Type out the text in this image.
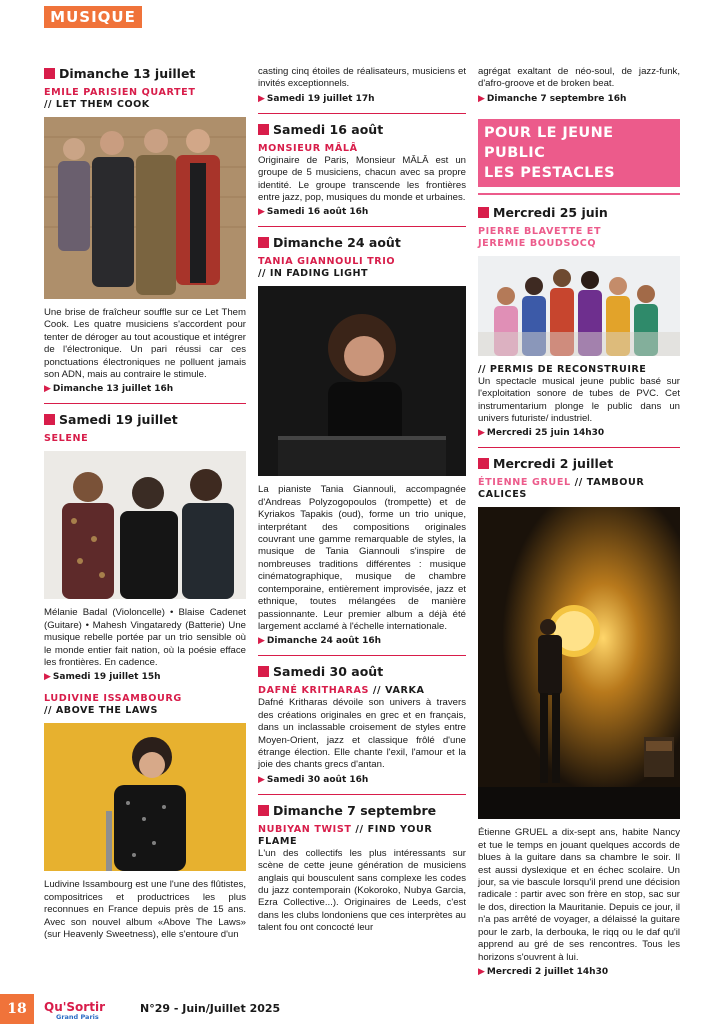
MUSIQUE
Dimanche 13 juillet
EMILE PARISIEN QUARTET
// LET THEM COOK
Une brise de fraîcheur souffle sur ce Let Them Cook. Les quatre musiciens s'accordent pour tenter de déroger au tout acoustique et intégrer de l'électronique. Un pari réussi car ces ponctuations électroniques ne polluent jamais son ADN, mais au contraire le stimule.
▶ Dimanche 13 juillet 16h
Samedi 19 juillet
SELENE
Mélanie Badal (Violoncelle) • Blaise Cadenet (Guitare) • Mahesh Vingataredy (Batterie) Une musique rebelle portée par un trio sensible où le monde entier fait nation, où la poésie efface les frontières. En cadence.
▶ Samedi 19 juillet 15h
LUDIVINE ISSAMBOURG
// ABOVE THE LAWS
Ludivine Issambourg est une l'une des flûtistes, compositrices et productrices les plus reconnues en France depuis près de 15 ans. Avec son nouvel album «Above The Laws» (sur Heavenly Sweetness), elle s'entoure d'un
casting cinq étoiles de réalisateurs, musiciens et invités exceptionnels.
▶ Samedi 19 juillet 17h
Samedi 16 août
MONSIEUR MÂLÂ
Originaire de Paris, Monsieur MÂLÂ est un groupe de 5 musiciens, chacun avec sa propre identité. Le groupe transcende les frontières entre jazz, pop, musiques du monde et urbaines.
▶ Samedi 16 août 16h
Dimanche 24 août
TANIA GIANNOULI TRIO
// IN FADING LIGHT
La pianiste Tania Giannouli, accompagnée d'Andreas Polyzogopoulos (trompette) et de Kyriakos Tapakis (oud), forme un trio unique, interprétant des compositions originales couvrant une gamme remarquable de styles, la musique de Tania Giannouli s'inspire de nombreuses traditions différentes : musique cinématographique, musique de chambre contemporaine, entièrement improvisée, jazz et ethnique, toutes mélangées de manière passionnante. Leur premier album a déjà été largement acclamé à l'échelle internationale.
▶ Dimanche 24 août 16h
Samedi 30 août
DAFNÉ KRITHARAS // VARKA
Dafné Kritharas dévoile son univers à travers des créations originales en grec et en français, dans un inclassable croisement de styles entre Moyen-Orient, jazz et classique frôlé d'une étrange élection. Elle chante l'exil, l'amour et la joie des chants grecs d'antan.
▶ Samedi 30 août 16h
Dimanche 7 septembre
NUBIYAN TWIST // FIND YOUR FLAME
L'un des collectifs les plus intéressants sur scène de cette jeune génération de musiciens anglais qui bousculent sans complexe les codes du jazz contemporain (Kokoroko, Nubya Garcia, Ezra Collective...). Originaires de Leeds, c'est dans les clubs londoniens que ces interprètes au talent fou ont concocté leur
agrégat exaltant de néo-soul, de jazz-funk, d'afro-groove et de broken beat.
▶ Dimanche 7 septembre 16h
POUR LE JEUNE PUBLIC
LES PESTACLES
Mercredi 25 juin
PIERRE BLAVETTE ET
JEREMIE BOUDSOCQ
// PERMIS DE RECONSTRUIRE
Un spectacle musical jeune public basé sur l'exploitation sonore de tubes de PVC. Cet instrumentarium plonge le public dans un univers futuriste/ industriel.
▶ Mercredi 25 juin 14h30
Mercredi 2 juillet
ÉTIENNE GRUEL // TAMBOUR CALICES
Étienne GRUEL a dix-sept ans, habite Nancy et tue le temps en jouant quelques accords de blues à la guitare dans sa chambre le soir. Il est aussi dyslexique et en échec scolaire. Un jour, sa vie bascule lorsqu'il prend une décision radicale : partir avec son frère en stop, sac sur le dos, direction la Mauritanie. Depuis ce jour, il n'a pas arrêté de voyager, a délaissé la guitare pour le zarb, la derbouka, le riqq ou le daf qu'il apprend au gré de ses rencontres. Tous les horizons s'ouvrent à lui.
▶ Mercredi 2 juillet 14h30
18	Qu'Sortir
Grand Paris
N°29 - Juin/Juillet 2025
